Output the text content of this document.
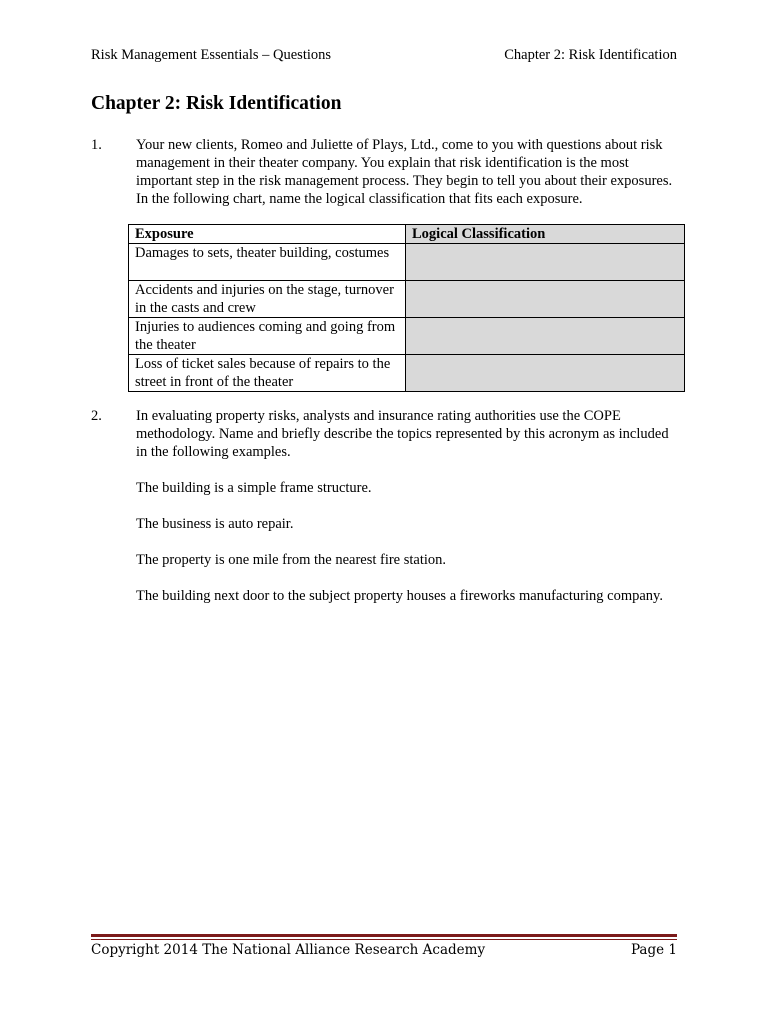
Risk Management Essentials – Questions	Chapter 2: Risk Identification
Chapter 2: Risk Identification
1. Your new clients, Romeo and Juliette of Plays, Ltd., come to you with questions about risk management in their theater company. You explain that risk identification is the most important step in the risk management process. They begin to tell you about their exposures. In the following chart, name the logical classification that fits each exposure.

Exposure	Logical Classification
Damages to sets, theater building, costumes	
Accidents and injuries on the stage, turnover in the casts and crew	
Injuries to audiences coming and going from the theater	
Loss of ticket sales because of repairs to the street in front of the theater	
2. In evaluating property risks, analysts and insurance rating authorities use the COPE methodology. Name and briefly describe the topics represented by this acronym as included in the following examples.

The building is a simple frame structure.

The business is auto repair.

The property is one mile from the nearest fire station.

The building next door to the subject property houses a fireworks manufacturing company.

Copyright 2014 The National Alliance Research Academy	Page 1
